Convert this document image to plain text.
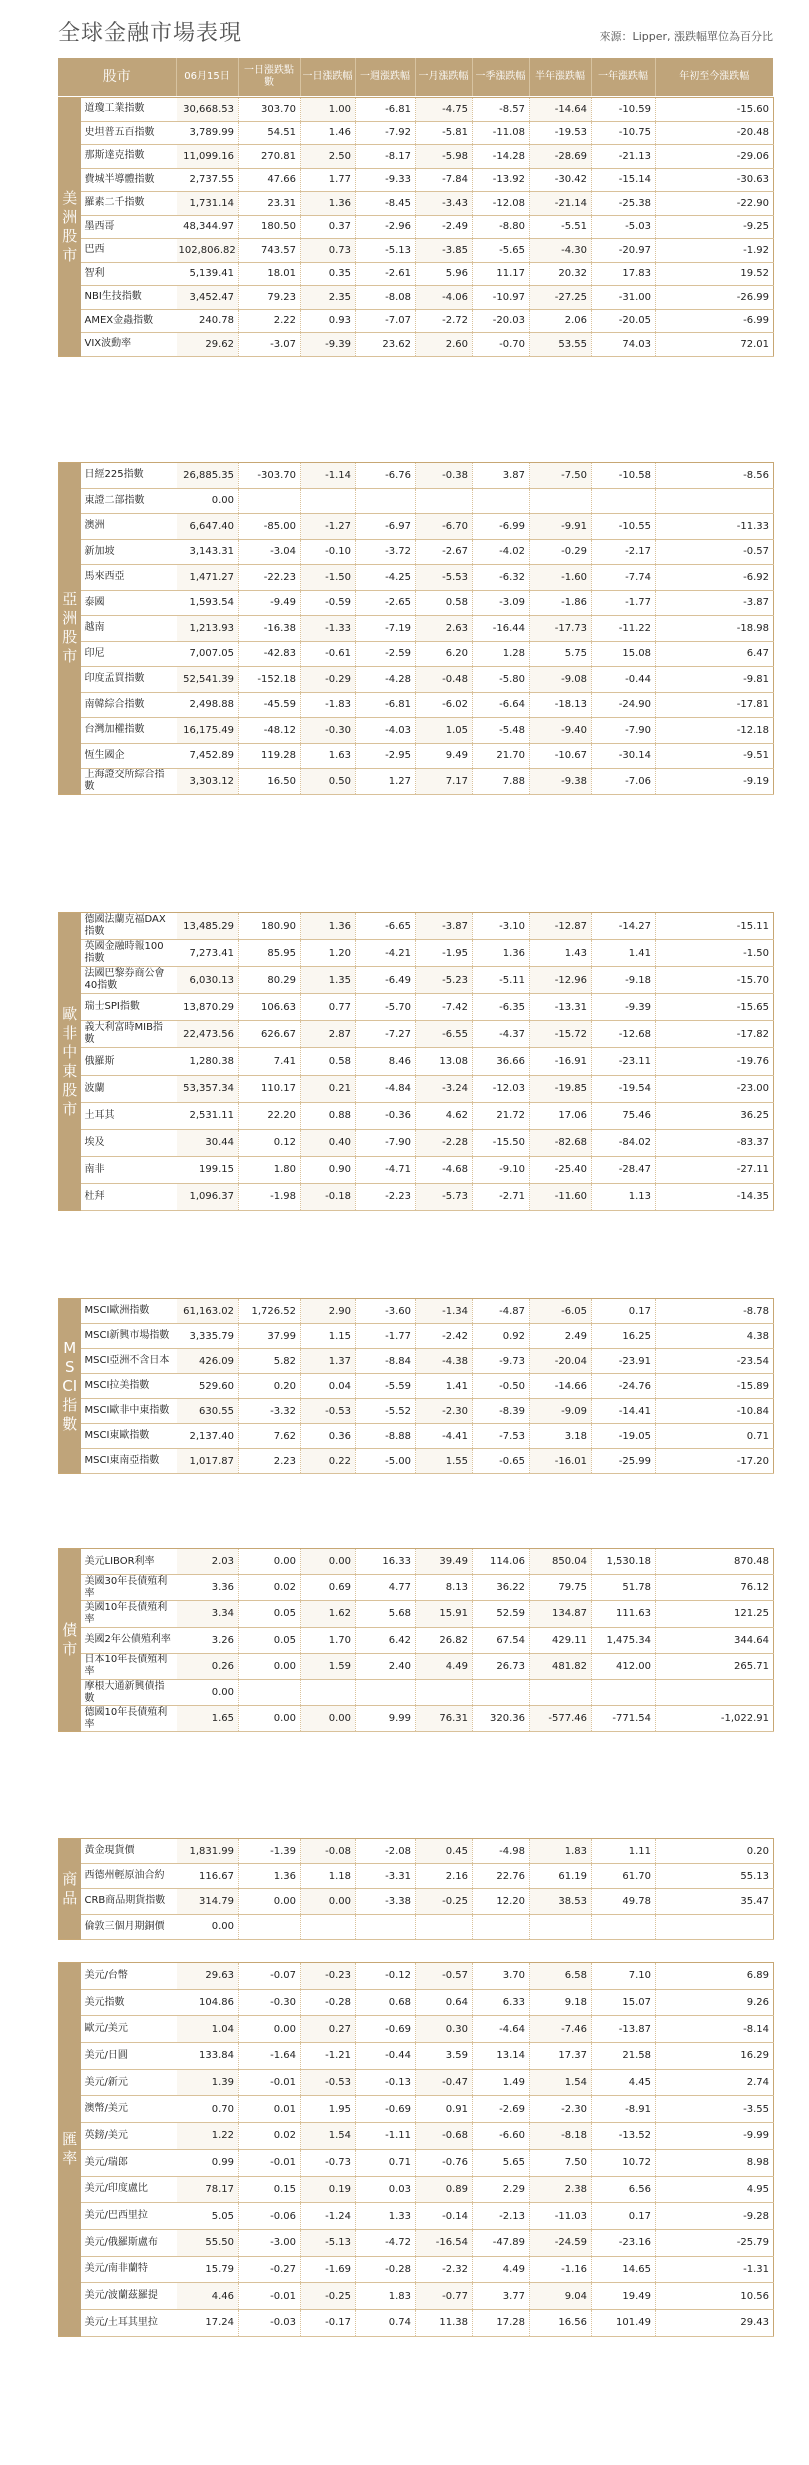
全球金融市場表現	來源：Lipper, 漲跌幅單位為百分比
股市	06月15日	一日漲跌點數	一日漲跌幅	一週漲跌幅	一月漲跌幅	一季漲跌幅	半年漲跌幅	一年漲跌幅	年初至今漲跌幅
美洲股市	道瓊工業指數	30,668.53	303.70	1.00	-6.81	-4.75	-8.57	-14.64	-10.59	-15.60
	史坦普五百指數	3,789.99	54.51	1.46	-7.92	-5.81	-11.08	-19.53	-10.75	-20.48
	那斯達克指數	11,099.16	270.81	2.50	-8.17	-5.98	-14.28	-28.69	-21.13	-29.06
	費城半導體指數	2,737.55	47.66	1.77	-9.33	-7.84	-13.92	-30.42	-15.14	-30.63
	羅素二千指數	1,731.14	23.31	1.36	-8.45	-3.43	-12.08	-21.14	-25.38	-22.90
	墨西哥	48,344.97	180.50	0.37	-2.96	-2.49	-8.80	-5.51	-5.03	-9.25
	巴西	102,806.82	743.57	0.73	-5.13	-3.85	-5.65	-4.30	-20.97	-1.92
	智利	5,139.41	18.01	0.35	-2.61	5.96	11.17	20.32	17.83	19.52
	NBI生技指數	3,452.47	79.23	2.35	-8.08	-4.06	-10.97	-27.25	-31.00	-26.99
	AMEX金蟲指數	240.78	2.22	0.93	-7.07	-2.72	-20.03	2.06	-20.05	-6.99
	VIX波動率	29.62	-3.07	-9.39	23.62	2.60	-0.70	53.55	74.03	72.01
亞洲股市	日經225指數	26,885.35	-303.70	-1.14	-6.76	-0.38	3.87	-7.50	-10.58	-8.56
	東證二部指數	0.00								
	澳洲	6,647.40	-85.00	-1.27	-6.97	-6.70	-6.99	-9.91	-10.55	-11.33
	新加坡	3,143.31	-3.04	-0.10	-3.72	-2.67	-4.02	-0.29	-2.17	-0.57
	馬來西亞	1,471.27	-22.23	-1.50	-4.25	-5.53	-6.32	-1.60	-7.74	-6.92
	泰國	1,593.54	-9.49	-0.59	-2.65	0.58	-3.09	-1.86	-1.77	-3.87
	越南	1,213.93	-16.38	-1.33	-7.19	2.63	-16.44	-17.73	-11.22	-18.98
	印尼	7,007.05	-42.83	-0.61	-2.59	6.20	1.28	5.75	15.08	6.47
	印度孟買指數	52,541.39	-152.18	-0.29	-4.28	-0.48	-5.80	-9.08	-0.44	-9.81
	南韓綜合指數	2,498.88	-45.59	-1.83	-6.81	-6.02	-6.64	-18.13	-24.90	-17.81
	台灣加權指數	16,175.49	-48.12	-0.30	-4.03	1.05	-5.48	-9.40	-7.90	-12.18
	恆生國企	7,452.89	119.28	1.63	-2.95	9.49	21.70	-10.67	-30.14	-9.51
	上海證交所綜合指數	3,303.12	16.50	0.50	1.27	7.17	7.88	-9.38	-7.06	-9.19
歐非中東股市	德國法蘭克福DAX指數	13,485.29	180.90	1.36	-6.65	-3.87	-3.10	-12.87	-14.27	-15.11
	英國金融時報100指數	7,273.41	85.95	1.20	-4.21	-1.95	1.36	1.43	1.41	-1.50
	法國巴黎券商公會40指數	6,030.13	80.29	1.35	-6.49	-5.23	-5.11	-12.96	-9.18	-15.70
	瑞士SPI指數	13,870.29	106.63	0.77	-5.70	-7.42	-6.35	-13.31	-9.39	-15.65
	義大利富時MIB指數	22,473.56	626.67	2.87	-7.27	-6.55	-4.37	-15.72	-12.68	-17.82
	俄羅斯	1,280.38	7.41	0.58	8.46	13.08	36.66	-16.91	-23.11	-19.76
	波蘭	53,357.34	110.17	0.21	-4.84	-3.24	-12.03	-19.85	-19.54	-23.00
	土耳其	2,531.11	22.20	0.88	-0.36	4.62	21.72	17.06	75.46	36.25
	埃及	30.44	0.12	0.40	-7.90	-2.28	-15.50	-82.68	-84.02	-83.37
	南非	199.15	1.80	0.90	-4.71	-4.68	-9.10	-25.40	-28.47	-27.11
	杜拜	1,096.37	-1.98	-0.18	-2.23	-5.73	-2.71	-11.60	1.13	-14.35
MSCI指數	MSCI歐洲指數	61,163.02	1,726.52	2.90	-3.60	-1.34	-4.87	-6.05	0.17	-8.78
	MSCI新興市場指數	3,335.79	37.99	1.15	-1.77	-2.42	0.92	2.49	16.25	4.38
	MSCI亞洲不含日本	426.09	5.82	1.37	-8.84	-4.38	-9.73	-20.04	-23.91	-23.54
	MSCI拉美指數	529.60	0.20	0.04	-5.59	1.41	-0.50	-14.66	-24.76	-15.89
	MSCI歐非中東指數	630.55	-3.32	-0.53	-5.52	-2.30	-8.39	-9.09	-14.41	-10.84
	MSCI東歐指數	2,137.40	7.62	0.36	-8.88	-4.41	-7.53	3.18	-19.05	0.71
	MSCI東南亞指數	1,017.87	2.23	0.22	-5.00	1.55	-0.65	-16.01	-25.99	-17.20
債市	美元LIBOR利率	2.03	0.00	0.00	16.33	39.49	114.06	850.04	1,530.18	870.48
	美國30年長債殖利率	3.36	0.02	0.69	4.77	8.13	36.22	79.75	51.78	76.12
	美國10年長債殖利率	3.34	0.05	1.62	5.68	15.91	52.59	134.87	111.63	121.25
	美國2年公債殖利率	3.26	0.05	1.70	6.42	26.82	67.54	429.11	1,475.34	344.64
	日本10年長債殖利率	0.26	0.00	1.59	2.40	4.49	26.73	481.82	412.00	265.71
	摩根大通新興債指數	0.00								
	德國10年長債殖利率	1.65	0.00	0.00	9.99	76.31	320.36	-577.46	-771.54	-1,022.91
商品	黃金現貨價	1,831.99	-1.39	-0.08	-2.08	0.45	-4.98	1.83	1.11	0.20
	西德州輕原油合約	116.67	1.36	1.18	-3.31	2.16	22.76	61.19	61.70	55.13
	CRB商品期貨指數	314.79	0.00	0.00	-3.38	-0.25	12.20	38.53	49.78	35.47
	倫敦三個月期銅價	0.00								
匯率	美元/台幣	29.63	-0.07	-0.23	-0.12	-0.57	3.70	6.58	7.10	6.89
	美元指數	104.86	-0.30	-0.28	0.68	0.64	6.33	9.18	15.07	9.26
	歐元/美元	1.04	0.00	0.27	-0.69	0.30	-4.64	-7.46	-13.87	-8.14
	美元/日圓	133.84	-1.64	-1.21	-0.44	3.59	13.14	17.37	21.58	16.29
	美元/新元	1.39	-0.01	-0.53	-0.13	-0.47	1.49	1.54	4.45	2.74
	澳幣/美元	0.70	0.01	1.95	-0.69	0.91	-2.69	-2.30	-8.91	-3.55
	英鎊/美元	1.22	0.02	1.54	-1.11	-0.68	-6.60	-8.18	-13.52	-9.99
	美元/瑞郎	0.99	-0.01	-0.73	0.71	-0.76	5.65	7.50	10.72	8.98
	美元/印度盧比	78.17	0.15	0.19	0.03	0.89	2.29	2.38	6.56	4.95
	美元/巴西里拉	5.05	-0.06	-1.24	1.33	-0.14	-2.13	-11.03	0.17	-9.28
	美元/俄羅斯盧布	55.50	-3.00	-5.13	-4.72	-16.54	-47.89	-24.59	-23.16	-25.79
	美元/南非蘭特	15.79	-0.27	-1.69	-0.28	-2.32	4.49	-1.16	14.65	-1.31
	美元/波蘭茲羅提	4.46	-0.01	-0.25	1.83	-0.77	3.77	9.04	19.49	10.56
	美元/土耳其里拉	17.24	-0.03	-0.17	0.74	11.38	17.28	16.56	101.49	29.43
